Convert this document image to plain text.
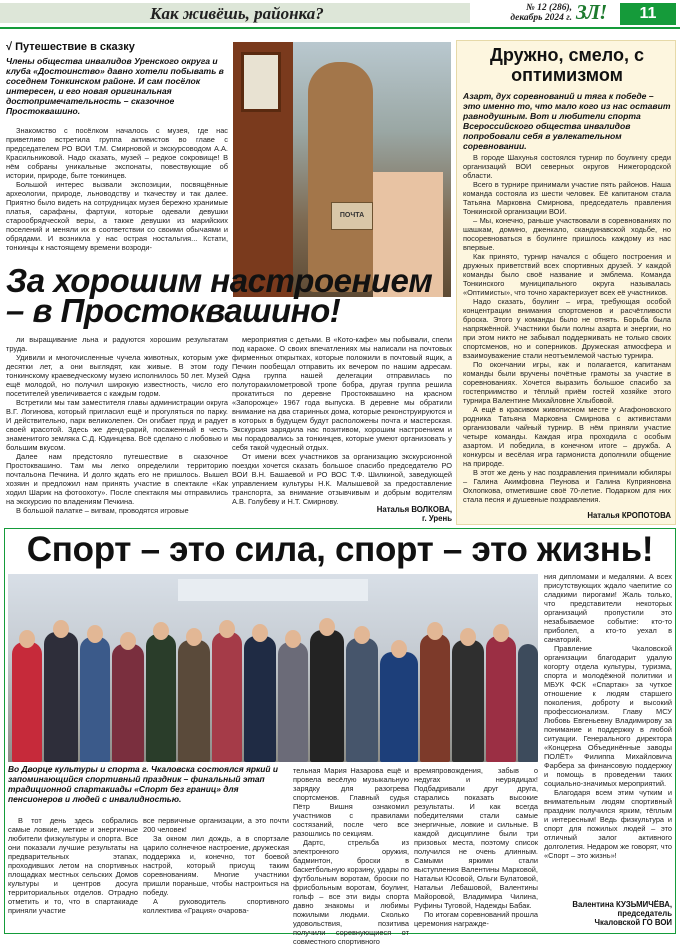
Как живёшь, районка?	№ 12 (286),
декабрь 2024 г. ЗЛ!	11
√ Путешествие в сказку
Члены общества инвалидов Уренского округа и клуба «Достоинство» давно хотели побывать в соседнем Тонкинском районе. И сам посёлок интересен, и его новая оригинальная достопримечательность – сказочное Простоквашино.

Знакомство с посёлком началось с музея, где нас приветливо встретила группа активистов во главе с председателем РО ВОИ Т.М. Смирновой и экскурсоводом А.А. Красильниковой. Надо сказать, музей – редкое сокровище! В нём собраны уникальные экспонаты, повествующие об истории, природе, быте тонкинцев.

Большой интерес вызвали экспозиции, посвящённые археологии, природе, льноводству и ткачеству и так далее. Приятно было видеть на сотрудницах музея бережно хранимые платья, сарафаны, фартуки, которые одевали девушки старообрядческой веры, а также девушки из марийских поселений и меняли их в соответствии со своими обычаями и обрядами. И возникла у нас острая ностальгия... Кстати, тонкинцы к настоящему времени возроди-

ПОЧТА
За хорошим настроением – в Простоквашино!

ли выращивание льна и радуются хорошим результатам труда.

Удивили и многочисленные чучела животных, которым уже десятки лет, а они выглядят, как живые. В этом году тонкинскому краеведческому музею исполнилось 50 лет. Музей ещё молодой, но получил широкую известность, число его посетителей увеличивается с каждым годом.

Встретили мы там заместителя главы администрации округа В.Г. Логинова, который пригласил ещё и прогуляться по парку. И действительно, парк великолепен. Он огибает пруд и радует своей красотой. Здесь же денд-рарий, посаженный в честь знаменитого земляка С.Д. Юдинцева. Всё сделано с любовью и большим вкусом.

Далее нам предстояло путешествие в сказочное Простоквашино. Там мы легко определили территорию почтальона Печкина. И долго ждать его не пришлось. Вышел хозяин и предложил нам принять участие в спектакле «Как ходил Шарик на фотоохоту». После спектакля мы отправились на экскурсию по владениям Печкина.

В большой палатке – вигвам, проводятся игровые

мероприятия с детьми. В «Кото-кафе» мы побывали, спели под караоке. О своих впечатлениях мы написали на почтовых фирменных открытках, которые положили в почтовый ящик, а Печкин пообещал отправить их вечером по нашим адресам. Одна группа нашей делегации отправилась по полуторакилометровой тропе бобра, другая группа решила прокатиться по деревне Простоквашино на красном «Запорожце» 1967 года выпуска. В деревне мы обратили внимание на два старинных дома, которые реконструируются и в которых в будущем будут расположены почта и мастерская. Экскурсия зарядила нас позитивом, хорошим настроением и мы порадовались за тонкинцев, которые умеют организовать у себя такой чудесный отдых.

От имени всех участников за организацию экскурсионной поездки хочется сказать большое спасибо председателю РО ВОИ В.Н. Башаевой и РО ВОС Т.Ф. Шилкиной, заведующей управлением культуры Н.К. Малышевой за предоставление транспорта, за внимание отзывчивым и добрым водителям А.В. Голубеву и Н.Т. Смирнову.

Наталья ВОЛКОВА,
г. Урень
Дружно, смело, с оптимизмом
Азарт, дух соревнований и тяга к победе – это именно то, что мало кого из нас оставит равнодушным. Вот и любители спорта Всероссийского общества инвалидов попробовали себя в увлекательном соревновании.

В городе Шахунья состоялся турнир по боулингу среди организаций ВОИ северных округов Нижегородской области.

Всего в турнире принимали участие пять районов. Наша команда состояла из шести человек. Её капитаном стала Татьяна Марковна Смирнова, председатель правления Тонкинской организации ВОИ.

– Мы, конечно, раньше участвовали в соревнованиях по шашкам, домино, дженкало, скандинавской ходьбе, но посоревноваться в боулинге пришлось каждому из нас впервые.

Как принято, турнир начался с общего построения и дружных приветствий всех спортивных друзей. У каждой команды было своё название и эмблема. Команда Тонкинского муниципального округа называлась «Оптимисты», что точно характеризует всех её участников.

Надо сказать, боулинг – игра, требующая особой концентрации внимания спортсменов и расчётливости броска. Этого у команды было не отнять. Борьба была напряжённой. Участники были полны азарта и энергии, но при этом никто не забывал поддерживать не только своих спортсменов, но и соперников. Дружеская атмосфера и взаимоуважение стали неотъемлемой частью турнира.

По окончании игры, как и полагается, капитанам команды были вручены почётные грамоты за участие в соревнованиях. Хочется выразить большое спасибо за гостеприимство и тёплый приём гостей хозяйке этого турнира Валентине Михайловне Хлыбовой.

А ещё в красивом живописном месте у Агафоновского родника Татьяна Марковна Смирнова с активистами организовали чайный турнир. В нём приняли участие четыре команды. Каждая игра проходила с особым азартом. И победила, в конечном итоге – дружба. А конкурсы и весёлая игра гармониста дополнили общение на природе.

В этот же день у нас поздравления принимали юбиляры – Галина Акимфовна Пеунова и Галина Куприяновна Охлопкова, отметившие своё 70-летие. Подарком для них стала песня и душевные поздравления.

Наталья КРОПОТОВА
Спорт – это сила, спорт – это жизнь!

ния дипломами и медалями. А всех присутствующих ждало чаепитие со сладкими пирогами! Жаль только, что представители некоторых организаций пропустили это незабываемое событие: кто-то приболел, а кто-то уехал в санаторий.

Правление Чкаловской организации благодарит удалую когорту отдела культуры, туризма, спорта и молодёжной политики и МБУК ФСК «Спартак» за чуткое отношение к людям старшего поколения, доброту и высокий профессионализм. Главу МСУ Любовь Евгеньевну Владимирову за понимание и поддержку в любой ситуации. Генерального директора «Концерна Объединённые заводы ПОЛЁТ» Филиппа Михайловича Фарбера за финансовую поддержку и помощь в проведении таких социально-значимых мероприятий.

Благодаря всем этим чутким и внимательным людям спортивный праздник получился ярким, тёплым и интересным! Ведь физкультура и спорт для пожилых людей – это отличный залог активного долголетия. Недаром же говорят, что «Спорт – это жизнь»!

Валентина КУЗЬМИЧЁВА,
председатель
Чкаловской ГО ВОИ
Во Дворце культуры и спорта г. Чкаловска состоялся яркий и запоминающийся спортивный праздник – финальный этап традиционной спартакиады «Спорт без границ» для пенсионеров и людей с инвалидностью.

В тот день здесь собрались самые ловкие, меткие и энергичные любители физкультуры и спорта. Все они показали лучшие результаты на предварительных этапах, проходивших летом на спортивных площадках местных сельских Домов культуры и центров досуга территориальных отделов. Отрадно отметить и то, что в спартакиаде приняли участие

все первичные организации, а это почти 200 человек!

За окном лил дождь, а в спортзале царило солнечное настроение, дружеская поддержка и, конечно, тот боевой настрой, который присущ таким соревнованиям. Многие участники пришли пораньше, чтобы настроиться на победу.

А руководитель спортивного коллектива «Грация» очарова-

тельная Мария Назарова ещё и провела весёлую музыкальную зарядку для разогрева спортсменов. Главный судья Пётр Вишня ознакомил участников с правилами состязаний, после чего все разошлись по секциям.

Дартс, стрельба из электронного оружия, бадминтон, броски в баскетбольную корзину, удары по футбольным воротам, броски по фрисбольным воротам, боулинг, гольф – все эти виды спорта давно знакомы и любимы пожилыми людьми. Сколько удовольствия, позитива получили соревнующиеся от совместного спортивного

времяпровождения, забыв о недугах и неурядицах! Подбадривали друг друга, старались показать высокие результаты. И как всегда победителями стали самые энергичные, ловкие и сильные. В каждой дисциплине были три призовых места, поэтому список получился не очень длинным. Самыми яркими стали выступления Валентины Марковой, Натальи Юсовой, Ольги Булатовой, Натальи Лебашовой, Валентины Майоровой, Владимира Чилина, Руфины Туговой, Надежды Бабак.

По итогам соревнований прошла церемония награжде-
